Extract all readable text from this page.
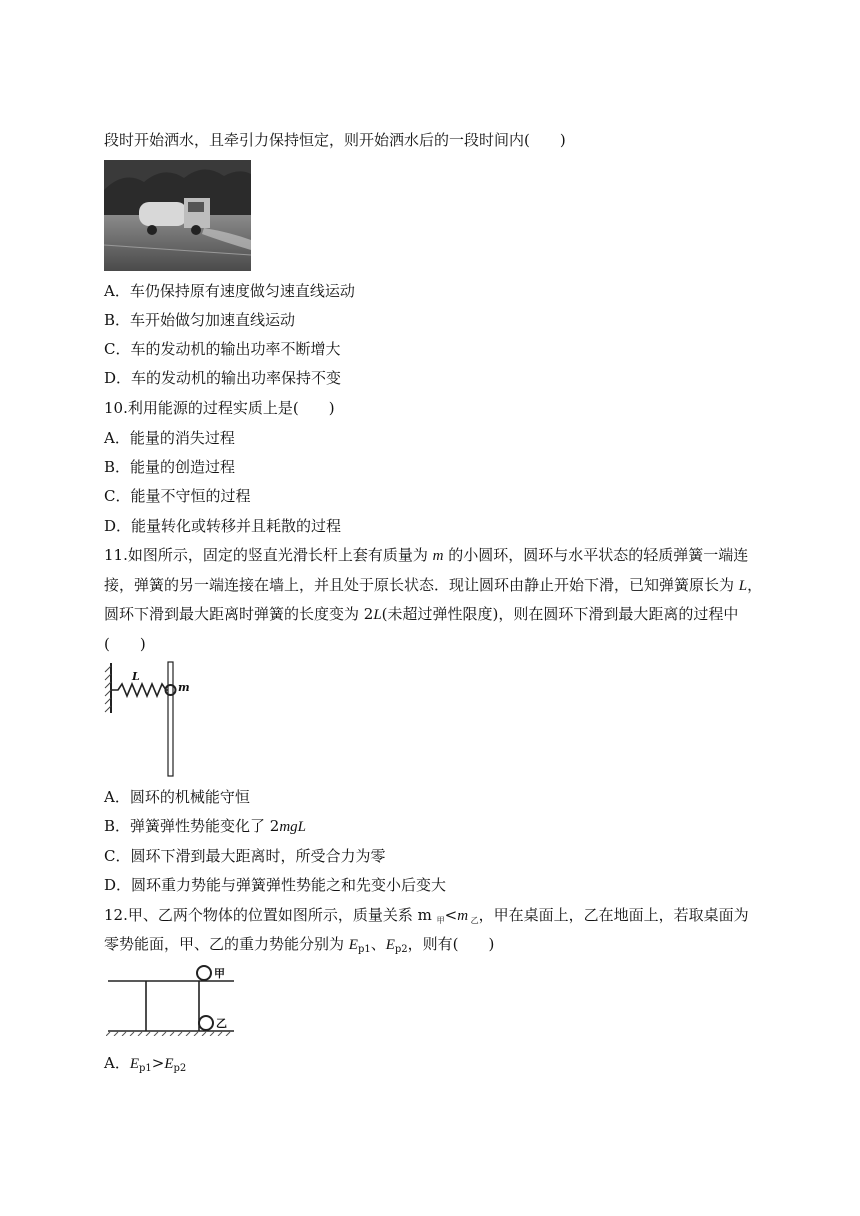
段时开始洒水，且牵引力保持恒定，则开始洒水后的一段时间内(　　)
A．车仍保持原有速度做匀速直线运动
B．车开始做匀加速直线运动
C．车的发动机的输出功率不断增大
D．车的发动机的输出功率保持不变
10.利用能源的过程实质上是(　　)
A．能量的消失过程
B．能量的创造过程
C．能量不守恒的过程
D．能量转化或转移并且耗散的过程
11.如图所示，固定的竖直光滑长杆上套有质量为 m 的小圆环，圆环与水平状态的轻质弹簧一端连
接，弹簧的另一端连接在墙上，并且处于原长状态．现让圆环由静止开始下滑，已知弹簧原长为 L，
圆环下滑到最大距离时弹簧的长度变为 2L(未超过弹性限度)，则在圆环下滑到最大距离的过程中
(　　)
L
m
A．圆环的机械能守恒
B．弹簧弹性势能变化了 2mgL
C．圆环下滑到最大距离时，所受合力为零
D．圆环重力势能与弹簧弹性势能之和先变小后变大
12.甲、乙两个物体的位置如图所示，质量关系 m $_甲$<m $_乙$，甲在桌面上，乙在地面上，若取桌面为
零势能面，甲、乙的重力势能分别为 $E_{p1}$、$E_{p2}$，则有(　　)
甲
乙
A．$E_{p1}>E_{p2}$
